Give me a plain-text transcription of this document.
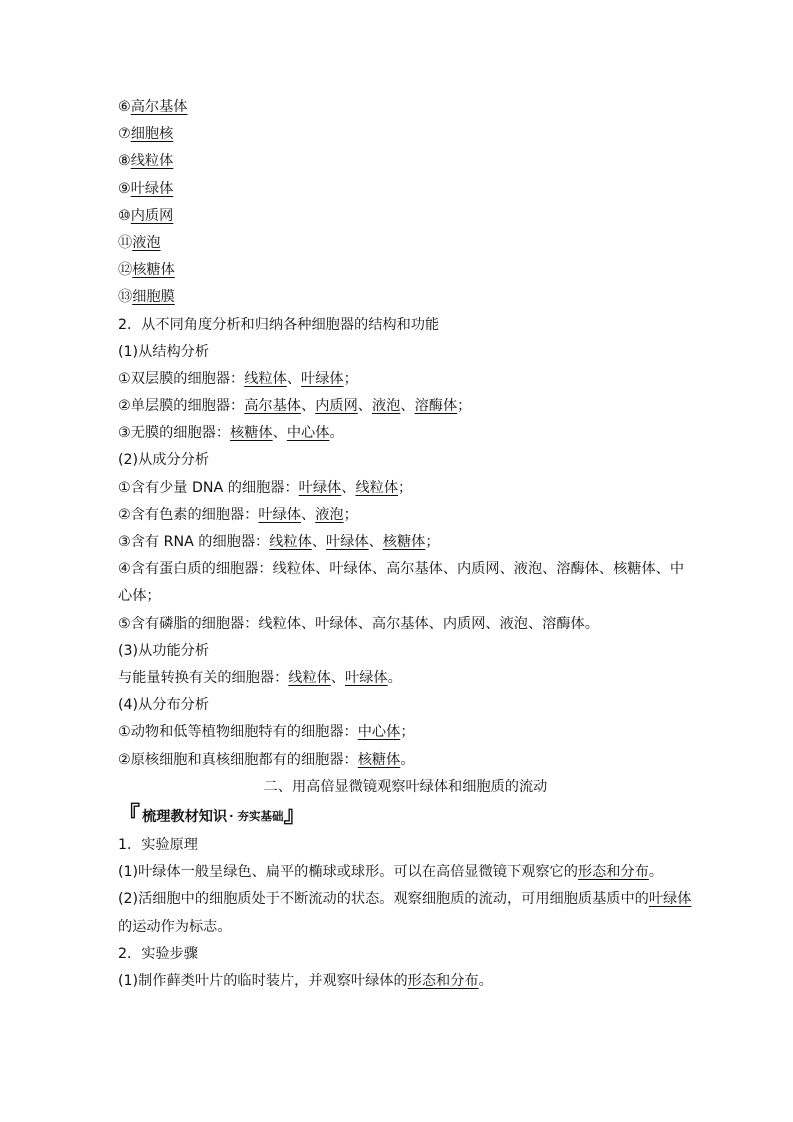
⑥高尔基体
⑦细胞核
⑧线粒体
⑨叶绿体
⑩内质网
⑪液泡
⑫核糖体
⑬细胞膜
2．从不同角度分析和归纳各种细胞器的结构和功能
(1)从结构分析
①双层膜的细胞器：线粒体、叶绿体；
②单层膜的细胞器：高尔基体、内质网、液泡、溶酶体；
③无膜的细胞器：核糖体、中心体。
(2)从成分分析
①含有少量 DNA 的细胞器：叶绿体、线粒体；
②含有色素的细胞器：叶绿体、液泡；
③含有 RNA 的细胞器：线粒体、叶绿体、核糖体；
④含有蛋白质的细胞器：线粒体、叶绿体、高尔基体、内质网、液泡、溶酶体、核糖体、中心体；
⑤含有磷脂的细胞器：线粒体、叶绿体、高尔基体、内质网、液泡、溶酶体。
(3)从功能分析
与能量转换有关的细胞器：线粒体、叶绿体。
(4)从分布分析
①动物和低等植物细胞特有的细胞器：中心体；
②原核细胞和真核细胞都有的细胞器：核糖体。
二、用高倍显微镜观察叶绿体和细胞质的流动
『 梳理教材知识 · 夯实基础 』
1．实验原理
(1)叶绿体一般呈绿色、扁平的椭球或球形。可以在高倍显微镜下观察它的形态和分布。
(2)活细胞中的细胞质处于不断流动的状态。观察细胞质的流动，可用细胞质基质中的叶绿体的运动作为标志。
2．实验步骤
(1)制作藓类叶片的临时装片，并观察叶绿体的形态和分布。
